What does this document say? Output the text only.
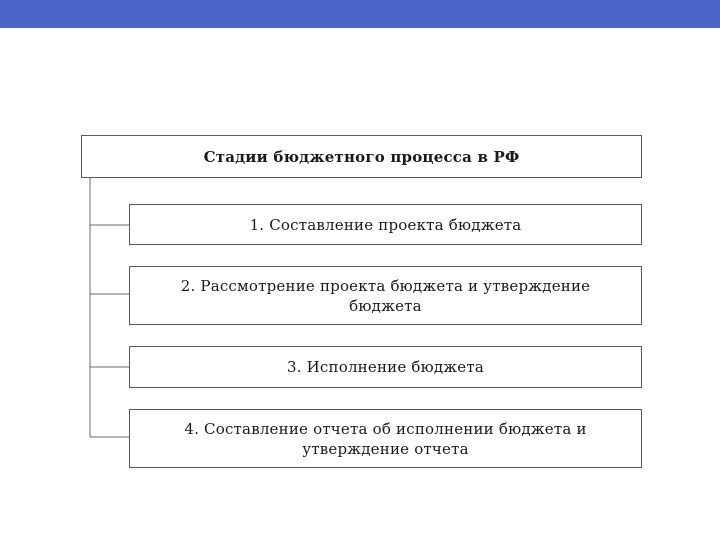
Стадии бюджетного процесса в РФ
1. Составление проекта бюджета
2. Рассмотрение проекта бюджета и утверждение бюджета
3. Исполнение бюджета
4. Составление отчета об исполнении бюджета и утверждение отчета
